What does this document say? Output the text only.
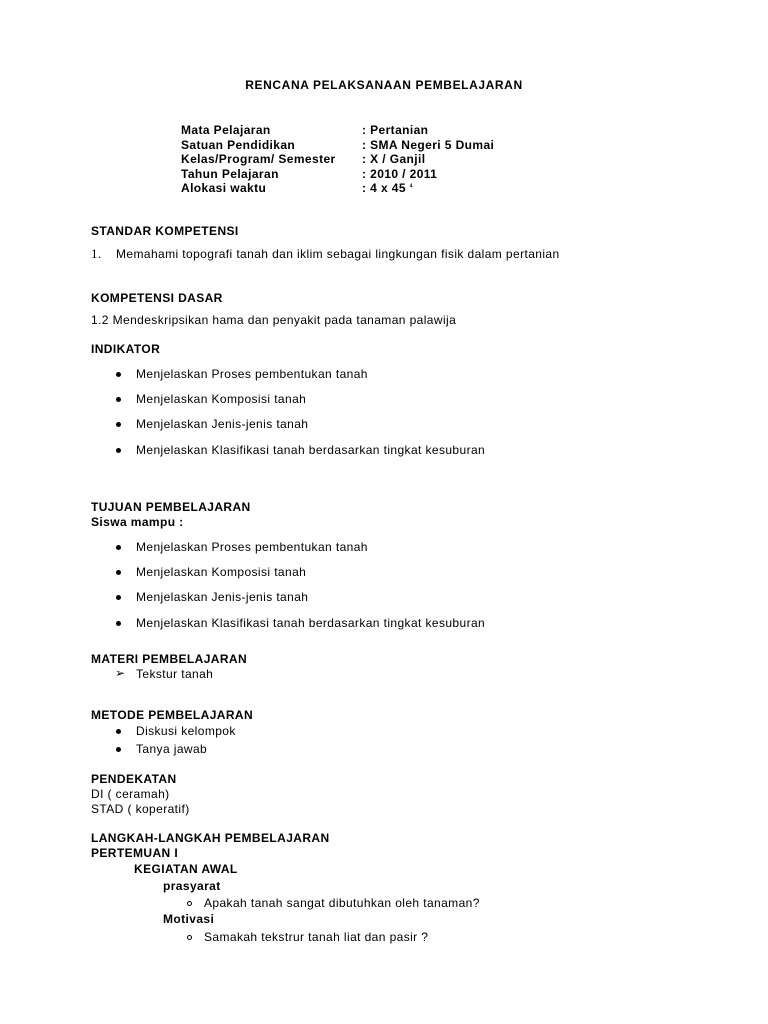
RENCANA PELAKSANAAN PEMBELAJARAN
Mata Pelajaran	: Pertanian
Satuan Pendidikan	: SMA Negeri 5 Dumai
Kelas/Program/ Semester : X / Ganjil
Tahun Pelajaran	: 2010 / 2011
Alokasi waktu	: 4 x 45 ‘
STANDAR KOMPETENSI
1. Memahami topografi tanah dan iklim sebagai lingkungan fisik dalam pertanian
KOMPETENSI DASAR
1.2 Mendeskripsikan hama dan penyakit pada tanaman palawija
INDIKATOR
Menjelaskan Proses pembentukan tanah
Menjelaskan Komposisi tanah
Menjelaskan Jenis-jenis tanah
Menjelaskan Klasifikasi tanah berdasarkan tingkat kesuburan
TUJUAN PEMBELAJARAN
Siswa mampu :
Menjelaskan Proses pembentukan tanah
Menjelaskan Komposisi tanah
Menjelaskan Jenis-jenis tanah
Menjelaskan Klasifikasi tanah berdasarkan tingkat kesuburan
MATERI PEMBELAJARAN
➢ Tekstur tanah
METODE PEMBELAJARAN
Diskusi kelompok
Tanya jawab
PENDEKATAN
DI ( ceramah)
STAD ( koperatif)
LANGKAH-LANGKAH PEMBELAJARAN
PERTEMUAN I
KEGIATAN AWAL
prasyarat
Apakah tanah sangat dibutuhkan oleh tanaman?
Motivasi
Samakah tekstrur tanah liat dan pasir ?
